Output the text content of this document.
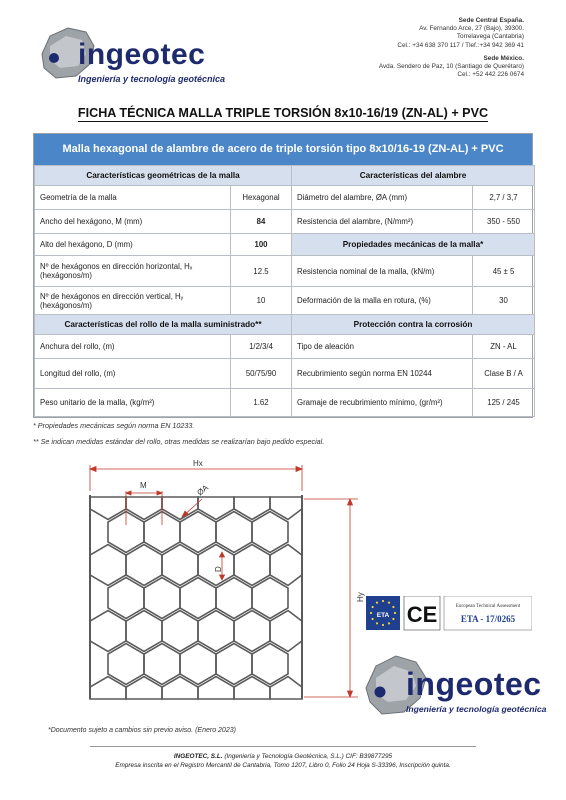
ingeotec
Ingeniería y tecnología geotécnica
Sede Central España.
Av. Fernando Arce, 27 (Bajo), 39300.
Torrelavega (Cantabria)
Cel.: +34 638 370 117 / Tlef.:+34 942 369 41
Sede México.
Avda. Sendero de Paz, 10 (Santiago de Querétaro)
Cel.: +52 442 226 0674
FICHA TÉCNICA MALLA TRIPLE TORSIÓN 8x10-16/19 (ZN-AL) + PVC
Malla hexagonal de alambre de acero de triple torsión tipo 8x10/16-19 (ZN-AL) + PVC
Características geométricas de la malla		Características del alambre	
Geometría de la malla	Hexagonal	Diámetro del alambre, ØA (mm)	2,7 / 3,7
Ancho del hexágono, M (mm)	84	Resistencia del alambre, (N/mm²)	350 - 550
Alto del hexágono, D (mm)	100	Propiedades mecánicas de la malla*	
Nº de hexágonos en dirección horizontal, Hₓ (hexágonos/m)	12.5	Resistencia nominal de la malla, (kN/m)	45 ± 5
Nº de hexágonos en dirección vertical, Hᵧ (hexágonos/m)	10	Deformación de la malla en rotura, (%)	30
Características del rollo de la malla suministrado**		Protección contra la corrosión	
Anchura del rollo, (m)	1/2/3/4	Tipo de aleación	ZN - AL
Longitud del rollo, (m)	50/75/90	Recubrimiento según norma EN 10244	Clase B / A
Peso unitario de la malla, (kg/m²)	1.62	Gramaje de recubrimiento mínimo, (gr/m²)	125 / 245
* Propiedades mecánicas según norma EN 10233.
** Se indican medidas estándar del rollo, otras medidas se realizarían bajo pedido especial.
Hx
M	ØA
D
Hy
ETA CE	European Technical Assessment
ETA - 17/0265
ingeotec
Ingeniería y tecnología geotécnica
*Documento sujeto a cambios sin previo aviso. (Enero 2023)
INGEOTEC, S.L. (Ingeniería y Tecnología Geotécnica, S.L.) CIF: B39877295
Empresa inscrita en el Registro Mercantil de Cantabria, Tomo 1207, Libro 0, Folio 24 Hoja S-33396, Inscripción quinta.
